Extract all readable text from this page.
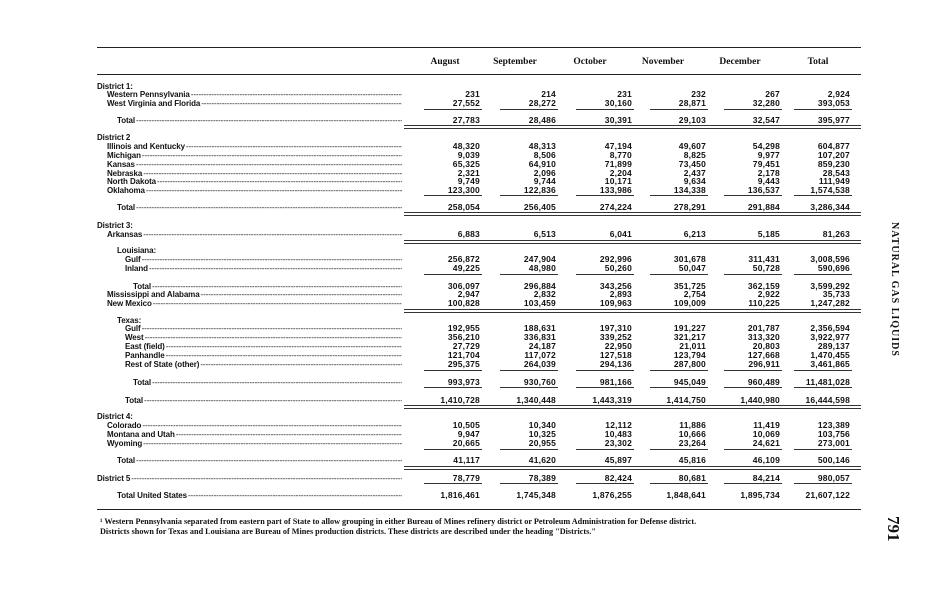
August	September	October	November	December	Total
District 1:
Western Pennsylvania -----	231	214	231	232	267	2,924
West Virginia and Florida -----	27,552	28,272	30,160	28,871	32,280	393,053
Total -----	27,783	28,486	30,391	29,103	32,547	395,977
District 2
Illinois and Kentucky -----	48,320	48,313	47,194	49,607	54,298	604,877
Michigan -----	9,039	8,506	8,770	8,825	9,977	107,207
Kansas -----	65,325	64,910	71,899	73,450	79,451	859,230
Nebraska -----	2,321	2,096	2,204	2,437	2,178	28,543
North Dakota -----	9,749	9,744	10,171	9,634	9,443	111,949
Oklahoma -----	123,300	122,836	133,986	134,338	136,537	1,574,538
Total -----	258,054	256,405	274,224	278,291	291,884	3,286,344
District 3:
Arkansas -----	6,883	6,513	6,041	6,213	5,185	81,263
Louisiana:
Gulf -----	256,872	247,904	292,996	301,678	311,431	3,008,596
Inland -----	49,225	48,980	50,260	50,047	50,728	590,696
Total -----	306,097	296,884	343,256	351,725	362,159	3,599,292
Mississippi and Alabama -----	2,947	2,832	2,893	2,754	2,922	35,733
New Mexico -----	100,828	103,459	109,963	109,009	110,225	1,247,282
Texas:
Gulf -----	192,955	188,631	197,310	191,227	201,787	2,356,594
West -----	356,210	336,831	339,252	321,217	313,320	3,922,977
East (field) -----	27,729	24,187	22,950	21,011	20,803	289,137
Panhandle -----	121,704	117,072	127,518	123,794	127,668	1,470,455
Rest of State (other) -----	295,375	264,039	294,136	287,800	296,911	3,461,865
Total -----	993,973	930,760	981,166	945,049	960,489	11,481,028
Total -----	1,410,728	1,340,448	1,443,319	1,414,750	1,440,980	16,444,598
District 4:
Colorado -----	10,505	10,340	12,112	11,886	11,419	123,389
Montana and Utah -----	9,947	10,325	10,483	10,666	10,069	103,756
Wyoming -----	20,665	20,955	23,302	23,264	24,621	273,001
Total -----	41,117	41,620	45,897	45,816	46,109	500,146
District 5 -----	78,779	78,389	82,424	80,681	84,214	980,057
Total United States -----	1,816,461	1,745,348	1,876,255	1,848,641	1,895,734	21,607,122
NATURAL GAS LIQUIDS
791
¹ Western Pennsylvania separated from eastern part of State to allow grouping in either Bureau of Mines refinery district or Petroleum Administration for Defense district.
Districts shown for Texas and Louisiana are Bureau of Mines production districts. These districts are described under the heading "Districts."
